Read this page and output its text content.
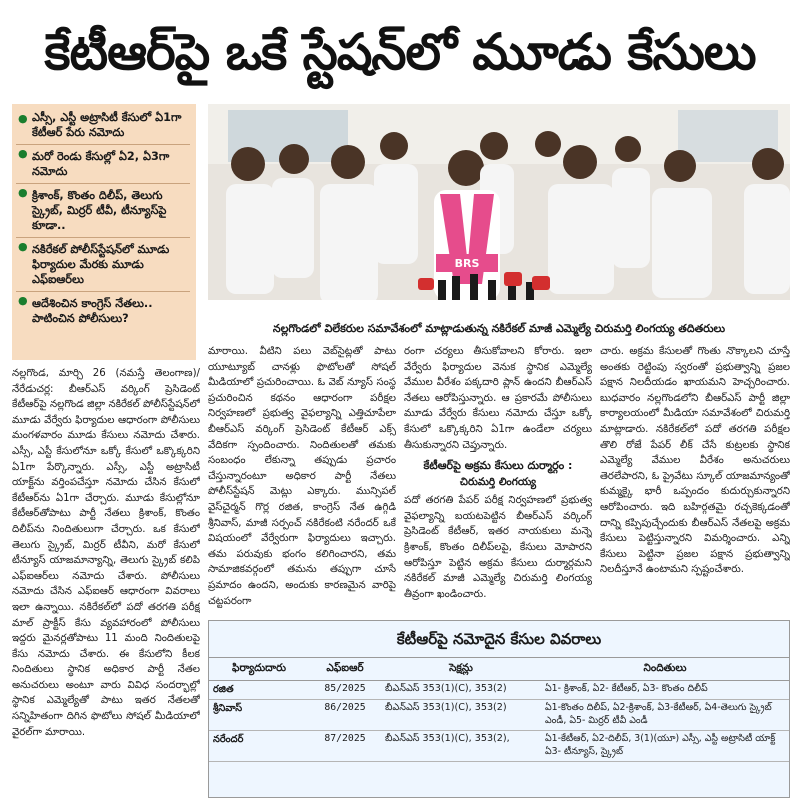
కేటీఆర్‌పై ఒకే స్టేషన్‌లో మూడు కేసులు
● ఎస్సీ, ఎస్టీ అట్రాసిటీ కేసులో ఏ1గా కేటీఆర్ పేరు నమోదు
● మరో రెండు కేసుల్లో ఏ2, ఏ3గా నమోదు
● క్రిశాంక్, కొంతం దిలీప్, తెలుగు స్క్రైబ్, మిర్రర్ టీవీ, టీన్యూస్‌పై కూడా..
● నకిరేకల్ పోలీస్‌స్టేషన్‌లో మూడు ఫిర్యాదుల మేరకు మూడు ఎఫ్ఐఆర్‌లు
● ఆదేశించిన కాంగ్రెస్ నేతలు.. పాటించిన పోలీసులు?
BRS
నల్లగొండలో విలేకరుల సమావేశంలో మాట్లాడుతున్న నకిరేకల్ మాజీ ఎమ్మెల్యే చిరుమర్తి లింగయ్య తదితరులు

నల్లగొండ, మార్చి 26 (నమస్తే తెలంగాణ)/నేరేడుచర్ల: బీఆర్ఎస్ వర్కింగ్ ప్రెసిడెంట్ కేటీఆర్‌పై నల్లగొండ జిల్లా నకిరేకల్ పోలీస్‌స్టేషన్‌లో మూడు వేర్వేరు ఫిర్యాదుల ఆధారంగా పోలీసులు మంగళవారం మూడు కేసులు నమోదు చేశారు. ఎస్సీ, ఎస్టీ కేసులోనూ ఒక్కో కేసులో ఒక్కొక్కరిని ఏ1గా పేర్కొన్నారు. ఎస్సీ, ఎస్టీ అట్రాసిటీ యాక్ట్‌ను వర్తింపచేస్తూ నమోదు చేసిన కేసులో కేటీఆర్‌ను ఏ1గా చేర్చారు. మూడు కేసుల్లోనూ కేటీఆర్‌తోపాటు పార్టీ నేతలు క్రిశాంక్, కొంతం దిలీప్‌ను నిందితులుగా చేర్చారు. ఒక కేసులో తెలుగు స్క్రైబ్, మిర్రర్ టీవీని, మరో కేసులో టీన్యూస్ యాజమాన్యాన్ని, తెలుగు స్క్రైబ్‌ కలిపి ఎఫ్ఐఆర్‌లు నమోదు చేశారు. పోలీసులు నమోదు చేసిన ఎఫ్ఐఆర్ ఆధారంగా వివరాలు ఇలా ఉన్నాయి. నకిరేకల్‌లో పదో తరగతి పరీక్ష మాల్ ప్రాక్టీస్ కేసు వ్యవహారంలో పోలీసులు ఇద్దరు మైనర్లతోపాటు 11 మంది నిందితులపై కేసు నమోదు చేశారు. ఈ కేసులోని కీలక నిందితులు స్థానిక అధికార పార్టీ నేతల అనుచరులు అంటూ వారు వివిధ సందర్భాల్లో స్థానిక ఎమ్మెల్యేతో పాటు ఇతర నేతలతో సన్నిహితంగా దిగిన ఫొటోలు సోషల్ మీడియాలో వైరల్‌గా మారాయి.

మారాయి. వీటిని పలు వెబ్‌సైట్లతో పాటు యూట్యూబ్ చానళ్లు ఫొటోలతో సోషల్ మీడియాలో ప్రచురించాయి. ఓ వెబ్ న్యూస్ సంస్థ ప్రచురించిన కథనం ఆధారంగా పరీక్షల నిర్వహణలో ప్రభుత్వ వైఫల్యాన్ని ఎత్తిచూపేలా బీఆర్ఎస్ వర్కింగ్ ప్రెసిడెంట్ కేటీఆర్ ఎక్స్ వేదికగా స్పందించారు. నిందితులతో తమకు సంబంధం లేకున్నా తప్పుడు ప్రచారం చేస్తున్నారంటూ అధికార పార్టీ నేతలు పోలీస్‌స్టేషన్ మెట్లు ఎక్కారు. మున్సిపల్ వైస్‌చైర్మన్ గొర్ల రజిత, కాంగ్రెస్ నేత ఉగ్గిడి శ్రీనివాస్, మాజీ సర్పంచ్ నకిరేకంటి నరేందర్ ఒకే విషయంలో వేర్వేరుగా ఫిర్యాదులు ఇచ్చారు. తమ పరువుకు భంగం కలిగించారని, తమ సామాజికవర్గంలో తమను తప్పుగా చూసే ప్రమాదం ఉందని, అందుకు కారణమైన వారిపై చట్టపరంగా

రంగా చర్యలు తీసుకోవాలని కోరారు. ఇలా వేర్వేరు ఫిర్యాదుల వెనుక స్థానిక ఎమ్మెల్యే వేముల వీరేశం పక్కదారి ప్లాన్ ఉందని బీఆర్ఎస్ నేతలు ఆరోపిస్తున్నారు. ఆ ప్రకారమే పోలీసులు మూడు వేర్వేరు కేసులు నమోదు చేస్తూ ఒక్కో కేసులో ఒక్కొక్కరిని ఏ1గా ఉండేలా చర్యలు తీసుకున్నారని చెప్తున్నారు.

కేటీఆర్‌పై అక్రమ కేసులు దుర్మార్గం :
చిరుమర్తి లింగయ్య

పదో తరగతి పేపర్ పరీక్ష నిర్వహణలో ప్రభుత్వ వైఫల్యాన్ని బయటపెట్టిన బీఆర్ఎస్ వర్కింగ్ ప్రెసిడెంట్ కేటీఆర్, ఇతర నాయకులు మన్నె క్రిశాంక్, కొంతం దిలీప్‌లపై, కేసులు మోపారని ఆరోపిస్తూ పెట్టిన అక్రమ కేసులు దుర్మార్గమని నకిరేకల్ మాజీ ఎమ్మెల్యే చిరుమర్తి లింగయ్య తీవ్రంగా ఖండించారు.

చారు. అక్రమ కేసులతో గొంతు నొక్కాలని చూస్తే అంతకు రెట్టింపు స్వరంతో ప్రభుత్వాన్ని ప్రజల పక్షాన నిలదీయడం ఖాయమని హెచ్చరించారు. బుధవారం నల్లగొండలోని బీఆర్ఎస్ పార్టీ జిల్లా కార్యాలయంలో మీడియా సమావేశంలో చిరుమర్తి మాట్లాడారు. నకిరేకల్‌లో పదో తరగతి పరీక్షల తొలి రోజే పేపర్ లీక్ చేసే కుట్రలకు స్థానిక ఎమ్మెల్యే వేముల వీరేశం అనుచరులు తెరలేపారని, ఓ ప్రైవేటు స్కూల్ యాజమాన్యంతో కుమ్మక్కై భారీ ఒప్పందం కుదుర్చుకున్నారని ఆరోపించారు. ఇది బహిర్గతమై రచ్చకెక్కడంతో దాన్ని కప్పిపుచ్చేందుకు బీఆర్ఎస్ నేతలపై అక్రమ కేసులు పెట్టిస్తున్నారని విమర్శించారు. ఎన్ని కేసులు పెట్టినా ప్రజల పక్షాన ప్రభుత్వాన్ని నిలదీస్తూనే ఉంటామని స్పష్టంచేశారు.

కేటీఆర్‌పై నమోదైన కేసుల వివరాలు
ఫిర్యాదుదారు	ఎఫ్ఐఆర్	సెక్షన్లు	నిందితులు
రజిత	85/2025	బీఎన్ఎస్ 353(1)(C), 353(2)	ఏ1- క్రిశాంక్, ఏ2- కేటీఆర్, ఏ3- కొంతం దిలీప్
శ్రీనివాస్	86/2025	బీఎన్ఎస్ 353(1)(C), 353(2)	ఏ1-కొంతం దిలీప్, ఏ2-క్రిశాంక్, ఏ3-కేటీఆర్, ఏ4-తెలుగు స్క్రైబ్ ఎండీ, ఏ5- మిర్రర్ టీవీ ఎండీ
నరేందర్	87/2025	బీఎన్ఎస్ 353(1)(C), 353(2),	ఏ1-కేటీఆర్, ఏ2-దిలీప్, 3(1)(యూ) ఎస్సీ, ఎస్టీ అట్రాసిటీ యాక్ట్ ఏ3- టీన్యూస్, స్క్రైబ్
